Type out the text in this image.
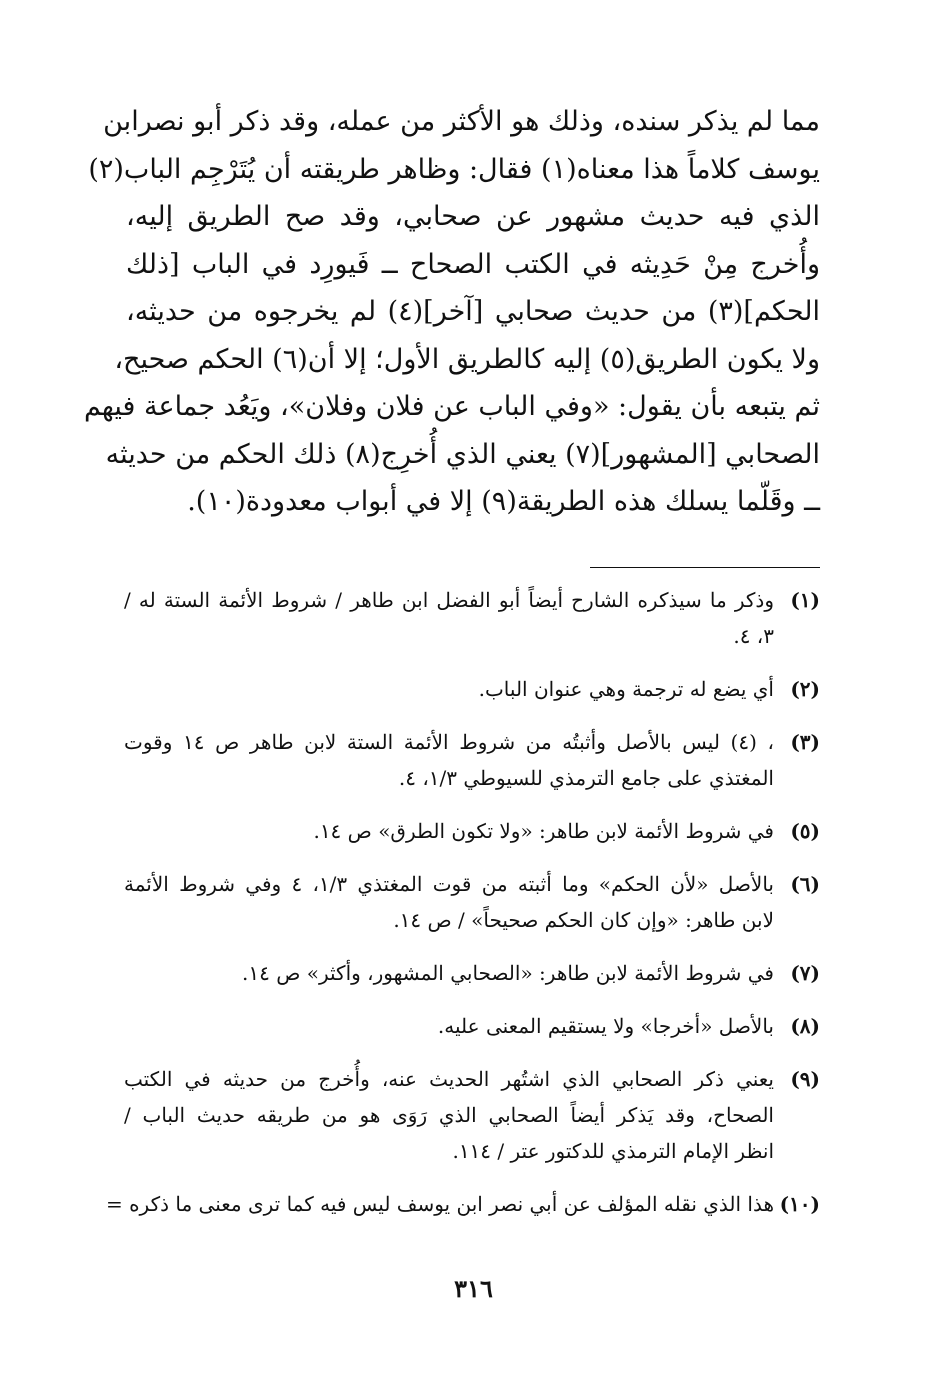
مما لم يذكر سنده، وذلك هو الأكثر من عمله، وقد ذكر أبو نصرابن
يوسف كلاماً هذا معناه(١) فقال: وظاهر طريقته أن يُتَرْجِم الباب(٢)
الذي فيه حديث مشهور عن صحابي، وقد صح الطريق إليه،
وأُخرج مِنْ حَدِيثه في الكتب الصحاح ــ فَيورِد في الباب [ذلك
الحكم](٣) من حديث صحابي [آخر](٤) لم يخرجوه من حديثه،
ولا يكون الطريق(٥) إليه كالطريق الأول؛ إلا أن(٦) الحكم صحيح،
ثم يتبعه بأن يقول: «وفي الباب عن فلان وفلان»، ويَعُد جماعة فيهم
الصحابي [المشهور](٧) يعني الذي أُخرِج(٨) ذلك الحكم من حديثه
ــ وقَلّما يسلك هذه الطريقة(٩) إلا في أبواب معدودة(١٠).
(١)
وذكر ما سيذكره الشارح أيضاً أبو الفضل ابن طاهر / شروط الأئمة الستة له /
٣، ٤.
(٢)
أي يضع له ترجمة وهي عنوان الباب.
(٣)
، (٤) ليس بالأصل وأثبتُه من شروط الأئمة الستة لابن طاهر ص ١٤ وقوت
المغتذي على جامع الترمذي للسيوطي ١/٣، ٤.
(٥)
في شروط الأئمة لابن طاهر: «ولا تكون الطرق» ص ١٤.
(٦)
بالأصل «لأن الحكم» وما أثبته من قوت المغتذي ١/٣، ٤ وفي شروط الأئمة
لابن طاهر: «وإن كان الحكم صحيحاً» / ص ١٤.
(٧)
في شروط الأئمة لابن طاهر: «الصحابي المشهور، وأكثر» ص ١٤.
(٨)
بالأصل «أخرجا» ولا يستقيم المعنى عليه.
(٩)
يعني ذكر الصحابي الذي اشتُهر الحديث عنه، وأُخرج من حديثه في الكتب
الصحاح، وقد يَذكر أيضاً الصحابي الذي رَوَى هو من طريقه حديث الباب /
انظر الإمام الترمذي للدكتور عتر / ١١٤.
(١٠)
هذا الذي نقله المؤلف عن أبي نصر ابن يوسف ليس فيه كما ترى معنى ما ذكره =
٣١٦
